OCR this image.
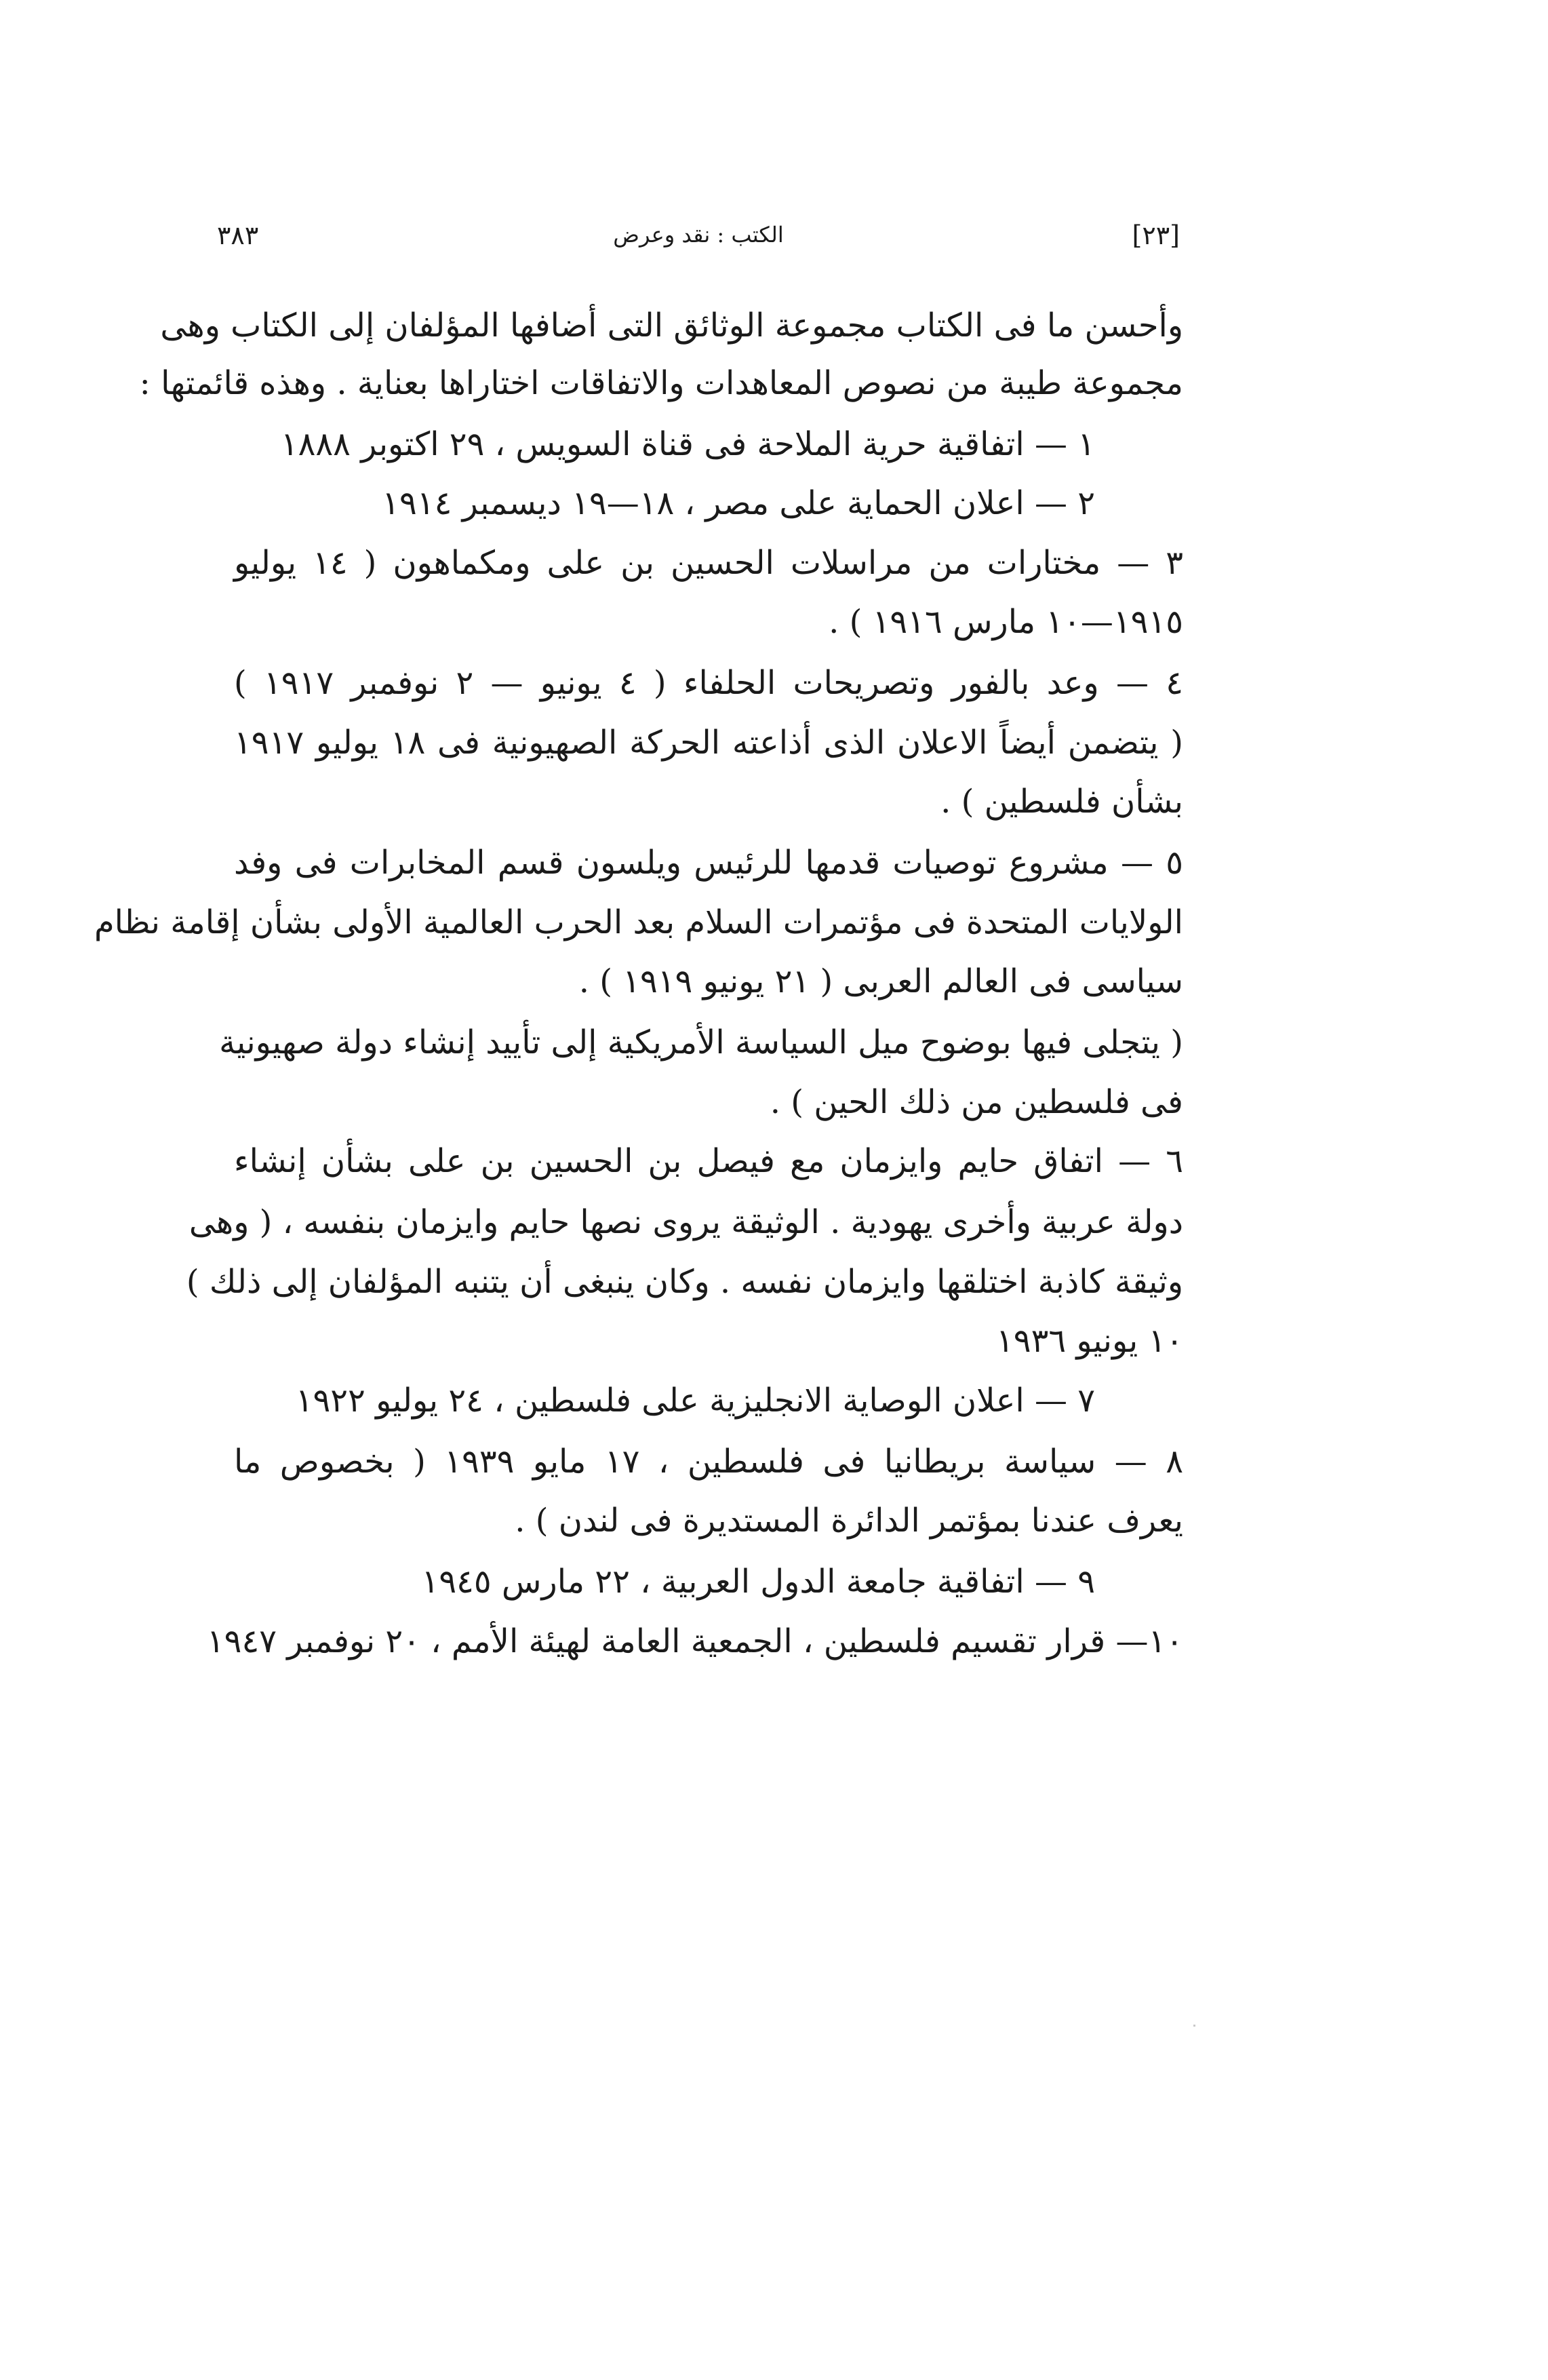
٣٨٣	الكتب : نقد وعرض	[٢٣]
وأحسن ما فى الكتاب مجموعة الوثائق التى أضافها المؤلفان إلى الكتاب وهى
مجموعة طيبة من نصوص المعاهدات والاتفاقات اختاراها بعناية . وهذه قائمتها :
١ — اتفاقية حرية الملاحة فى قناة السويس ، ٢٩ اكتوبر ١٨٨٨
٢ — اعلان الحماية على مصر ، ١٨—١٩ ديسمبر ١٩١٤
٣ — مختارات من مراسلات الحسين بن على ومكماهون ( ١٤ يوليو
١٩١٥—١٠ مارس ١٩١٦ ) .
٤ — وعد بالفور وتصريحات الحلفاء ( ٤ يونيو — ٢ نوفمبر ١٩١٧ )
( يتضمن أيضاً الاعلان الذى أذاعته الحركة الصهيونية فى ١٨ يوليو ١٩١٧
بشأن فلسطين ) .
٥ — مشروع توصيات قدمها للرئيس ويلسون قسم المخابرات فى وفد
الولايات المتحدة فى مؤتمرات السلام بعد الحرب العالمية الأولى بشأن إقامة نظام
سياسى فى العالم العربى ( ٢١ يونيو ١٩١٩ ) .
( يتجلى فيها بوضوح ميل السياسة الأمريكية إلى تأييد إنشاء دولة صهيونية
فى فلسطين من ذلك الحين ) .
٦ — اتفاق حايم وايزمان مع فيصل بن الحسين بن على بشأن إنشاء
دولة عربية وأخرى يهودية . الوثيقة يروى نصها حايم وايزمان بنفسه ، ( وهى
وثيقة كاذبة اختلقها وايزمان نفسه . وكان ينبغى أن يتنبه المؤلفان إلى ذلك )
١٠ يونيو ١٩٣٦
٧ — اعلان الوصاية الانجليزية على فلسطين ، ٢٤ يوليو ١٩٢٢
٨ — سياسة بريطانيا فى فلسطين ، ١٧ مايو ١٩٣٩ ( بخصوص ما
يعرف عندنا بمؤتمر الدائرة المستديرة فى لندن ) .
٩ — اتفاقية جامعة الدول العربية ، ٢٢ مارس ١٩٤٥
١٠— قرار تقسيم فلسطين ، الجمعية العامة لهيئة الأمم ، ٢٠ نوفمبر ١٩٤٧
